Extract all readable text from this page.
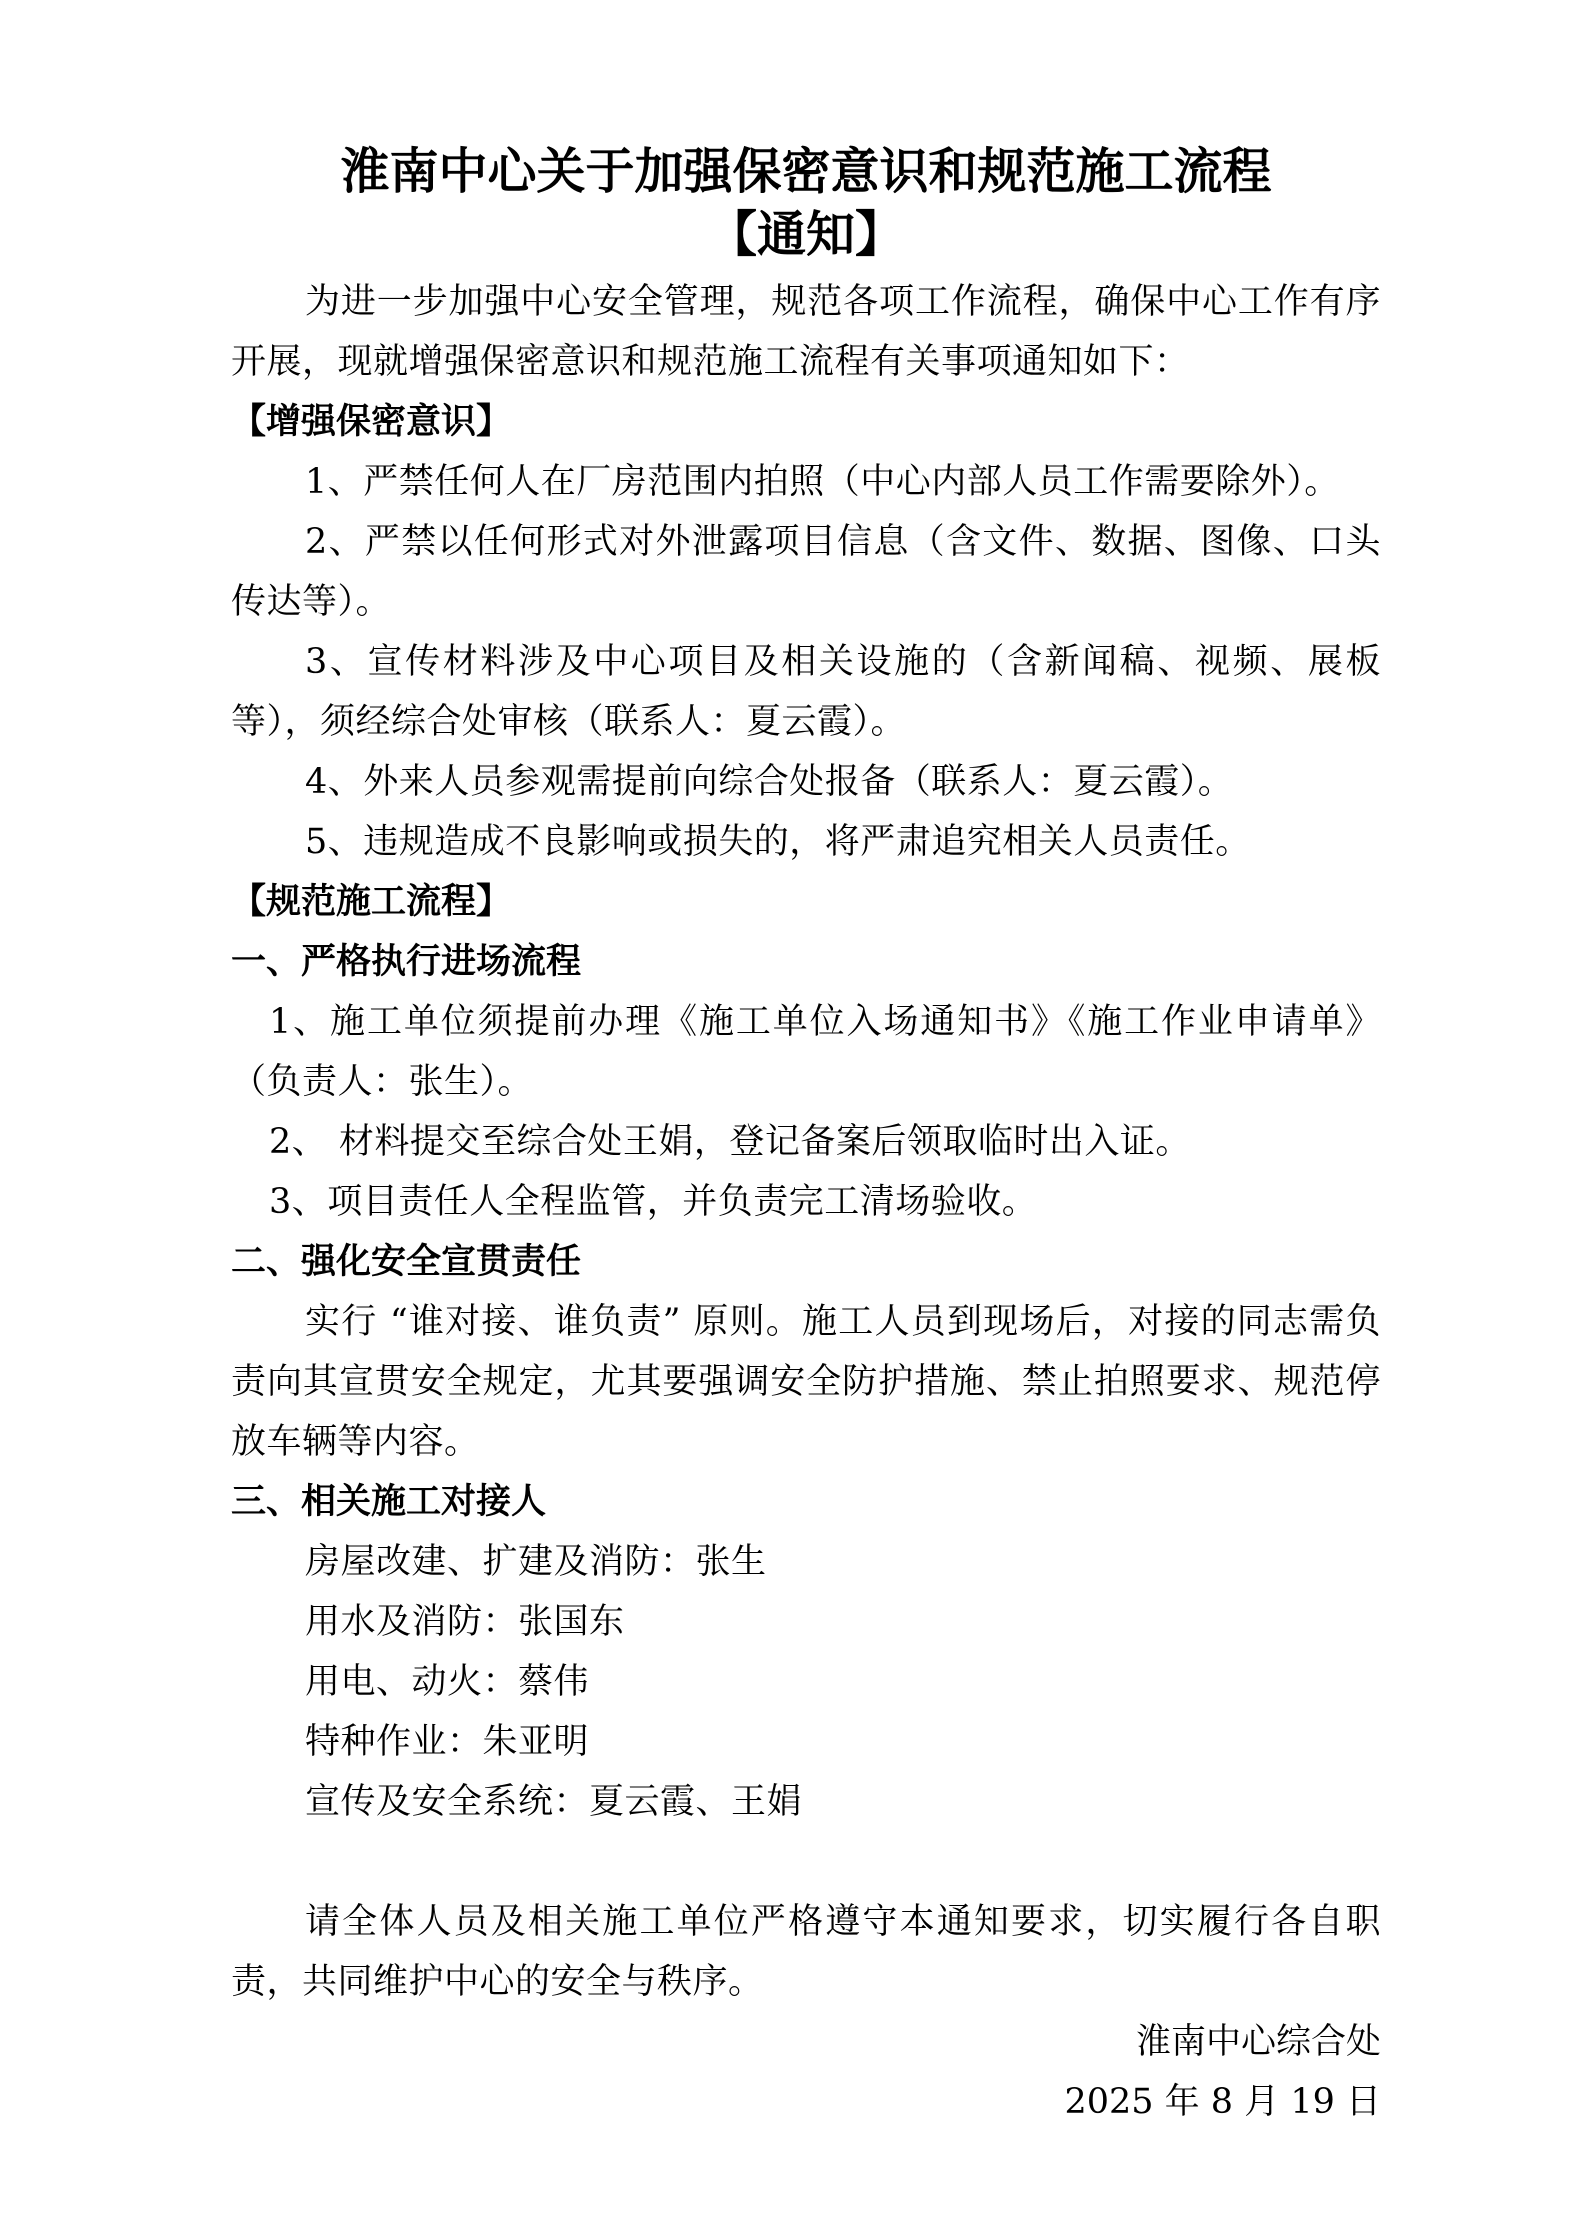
淮南中心关于加强保密意识和规范施工流程
【通知】

为进一步加强中心安全管理，规范各项工作流程，确保中心工作有序开展，现就增强保密意识和规范施工流程有关事项通知如下：

【增强保密意识】

1、严禁任何人在厂房范围内拍照（中心内部人员工作需要除外）。

2、严禁以任何形式对外泄露项目信息（含文件、数据、图像、口头传达等）。

3、宣传材料涉及中心项目及相关设施的（含新闻稿、视频、展板等），须经综合处审核（联系人：夏云霞）。

4、外来人员参观需提前向综合处报备（联系人：夏云霞）。

5、违规造成不良影响或损失的，将严肃追究相关人员责任。

【规范施工流程】

一、严格执行进场流程

1、施工单位须提前办理《施工单位入场通知书》《施工作业申请单》（负责人：张生）。

2、 材料提交至综合处王娟，登记备案后领取临时出入证。

3、项目责任人全程监管，并负责完工清场验收。

二、强化安全宣贯责任

实行 “谁对接、谁负责” 原则。施工人员到现场后，对接的同志需负责向其宣贯安全规定，尤其要强调安全防护措施、禁止拍照要求、规范停放车辆等内容。

三、相关施工对接人

房屋改建、扩建及消防：张生

用水及消防：张国东

用电、动火：蔡伟

特种作业：朱亚明

宣传及安全系统：夏云霞、王娟

请全体人员及相关施工单位严格遵守本通知要求，切实履行各自职责，共同维护中心的安全与秩序。

淮南中心综合处

2025 年 8 月 19 日
